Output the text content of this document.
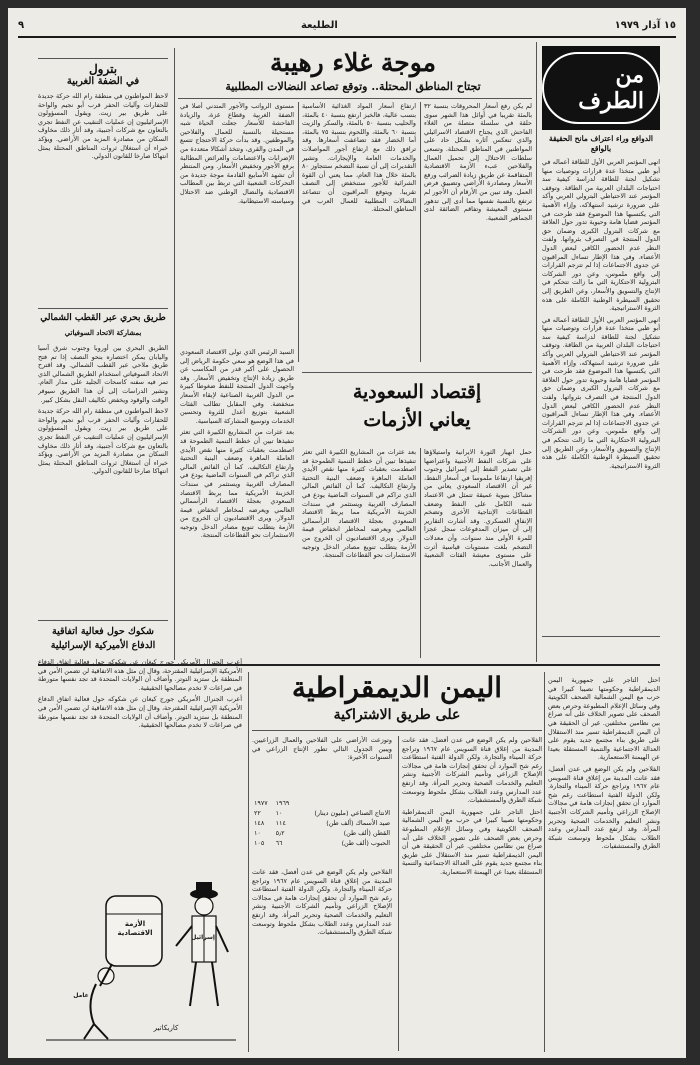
٩	الطليعة	١٥ آذار ١٩٧٩
من الطرف
الدوافع وراء اعتراف مانح الحقيقة بالواقع

انهى المؤتمر العربي الأول للطاقة أعماله في أبو ظبي متخذا عدة قرارات وتوصيات منها تشكيل لجنة للطاقة لدراسة كيفية سد احتياجات البلدان العربية من الطاقة. وتوقف المؤتمر عند الاحتياطي البترولي العربي وأكد على ضرورة ترشيد استهلاكه، وإزاء الأهمية التي يكتسبها هذا الموضوع فقد طرحت في المؤتمر قضايا هامة وحيوية تدور حول العلاقة مع شركات البترول الكبرى وضمان حق الدول المنتجة في التصرف بثرواتها. ولفت النظر عدم الحضور الكافي لبعض الدول الأعضاء. وفي هذا الإطار تساءل المراقبون عن جدوى الاجتماعات إذا لم تترجم القرارات إلى واقع ملموس، وعن دور الشركات البترولية الاحتكارية التي ما زالت تتحكم في الإنتاج والتسويق والأسعار، وعن الطريق إلى تحقيق السيطرة الوطنية الكاملة على هذه الثروة الاستراتيجية.

انهى المؤتمر العربي الأول للطاقة أعماله في أبو ظبي متخذا عدة قرارات وتوصيات منها تشكيل لجنة للطاقة لدراسة كيفية سد احتياجات البلدان العربية من الطاقة. وتوقف المؤتمر عند الاحتياطي البترولي العربي وأكد على ضرورة ترشيد استهلاكه، وإزاء الأهمية التي يكتسبها هذا الموضوع فقد طرحت في المؤتمر قضايا هامة وحيوية تدور حول العلاقة مع شركات البترول الكبرى وضمان حق الدول المنتجة في التصرف بثرواتها. ولفت النظر عدم الحضور الكافي لبعض الدول الأعضاء. وفي هذا الإطار تساءل المراقبون عن جدوى الاجتماعات إذا لم تترجم القرارات إلى واقع ملموس، وعن دور الشركات البترولية الاحتكارية التي ما زالت تتحكم في الإنتاج والتسويق والأسعار، وعن الطريق إلى تحقيق السيطرة الوطنية الكاملة على هذه الثروة الاستراتيجية.

موجة غلاء رهيبة
تجتاح المناطق المحتلة.. وتوقع تصاعد النضالات المطلبية
لم يكن رفع أسعار المحروقات بنسبة ٣٢ بالمئة تقريبا في أوائل هذا الشهر سوى حلقة في سلسلة متصلة من الغلاء الفاحش الذي يجتاح الاقتصاد الاسرائيلي والذي تنعكس آثاره بشكل حاد على المواطنين في المناطق المحتلة. وتسعى سلطات الاحتلال إلى تحميل العمال والفلاحين عبء الأزمة الاقتصادية المتفاقمة عن طريق زيادة الضرائب ورفع الأسعار ومصادرة الأراضي وتضييق فرص العمل. وقد تبين من الأرقام أن الأجور لم ترتفع بالنسبة نفسها مما أدى إلى تدهور مستوى المعيشة وتفاقم الضائقة لدى الجماهير الشعبية.
ارتفاع أسعار المواد الغذائية الأساسية بنسب عالية، فالخبز ارتفع بنسبة ٤٠ بالمئة، والحليب بنسبة ٥٠ بالمئة، والسكر والزيت بنسبة ٦٠ بالمئة، واللحوم بنسبة ٧٥ بالمئة، أما الخضار فقد تضاعفت أسعارها. وقد ترافق ذلك مع ارتفاع أجور المواصلات والخدمات العامة والإيجارات. وتشير التقديرات إلى أن نسبة التضخم ستتجاوز ٨٠ بالمئة خلال هذا العام، مما يعني أن القوة الشرائية للأجور ستنخفض إلى النصف تقريبا. ويتوقع المراقبون أن تتصاعد النضالات المطلبية للعمال العرب في المناطق المحتلة.
مستوى الرواتب والأجور المتدني أصلا في الضفة الغربية وقطاع غزة، والزيادة الفاحشة للأسعار جعلت الحياة شبه مستحيلة بالنسبة للعمال والفلاحين والموظفين. وقد بدأت حركة الاحتجاج تتسع في المدن والقرى، وتتخذ أشكالا متعددة من الإضرابات والاعتصامات والعرائض المطالبة برفع الأجور وتخفيض الأسعار. ومن المنتظر أن تشهد الأسابيع القادمة موجة جديدة من التحركات الشعبية التي تربط بين المطالب الاقتصادية والنضال الوطني ضد الاحتلال وسياسته الاستيطانية.
إقتصاد السعودية
يعاني الأزمات
حمل انهيار الثورة الايرانية واستيلاؤها على شركات النفط الأجنبية واعتراضها على تصدير النفط إلى إسرائيل وجنوب إفريقيا ارتفاعا ملموسا في أسعار النفط، غير أن الاقتصاد السعودي يعاني من مشاكل بنيوية عميقة تتمثل في الاعتماد شبه الكامل على النفط وضعف القطاعات الإنتاجية الأخرى وتضخم الإنفاق العسكري. وقد أشارت التقارير إلى أن ميزان المدفوعات سجل عجزا للمرة الأولى منذ سنوات، وأن معدلات التضخم بلغت مستويات قياسية أثرت على مستوى معيشة الفئات الشعبية والعمال الأجانب.
بعد عثرات من المشاريع الكبيرة التي تعثر تنفيذها تبين أن خطط التنمية الطموحة قد اصطدمت بعقبات كثيرة منها نقص الأيدي العاملة الماهرة وضعف البنية التحتية وارتفاع التكاليف. كما أن الفائض المالي الذي تراكم في السنوات الماضية يودع في المصارف الغربية ويستثمر في سندات الخزينة الأمريكية مما يربط الاقتصاد السعودي بعجلة الاقتصاد الرأسمالي العالمي ويعرضه لمخاطر انخفاض قيمة الدولار. ويرى الاقتصاديون أن الخروج من الأزمة يتطلب تنويع مصادر الدخل وتوجيه الاستثمارات نحو القطاعات المنتجة.

السيد الرئيس الذي تولى الاقتصاد السعودي في هذا الوضع هو سعي حكومة الرياض إلى الحصول على أكبر قدر من المكاسب عن طريق زيادة الإنتاج وتخفيض الأسعار. وقد واجهت الدول المنتجة للنفط ضغوطا كبيرة من الدول الغربية الصناعية لإبقاء الأسعار منخفضة. وفي المقابل تطالب الفئات الشعبية بتوزيع أعدل للثروة وتحسين الخدمات وتوسيع المشاركة السياسية.

بعد عثرات من المشاريع الكبيرة التي تعثر تنفيذها تبين أن خطط التنمية الطموحة قد اصطدمت بعقبات كثيرة منها نقص الأيدي العاملة الماهرة وضعف البنية التحتية وارتفاع التكاليف. كما أن الفائض المالي الذي تراكم في السنوات الماضية يودع في المصارف الغربية ويستثمر في سندات الخزينة الأمريكية مما يربط الاقتصاد السعودي بعجلة الاقتصاد الرأسمالي العالمي ويعرضه لمخاطر انخفاض قيمة الدولار. ويرى الاقتصاديون أن الخروج من الأزمة يتطلب تنويع مصادر الدخل وتوجيه الاستثمارات نحو القطاعات المنتجة.

بترول
في الضفة الغربية
لاحظ المواطنون في منطقة رام الله حركة جديدة للحفارات وآليات الحفر قرب أبو نجيم والواحة على طريق بير زيت. ويقول المسؤولون الإسرائيليون إن عمليات التنقيب عن النفط تجري بالتعاون مع شركات أجنبية، وقد أثار ذلك مخاوف السكان من مصادرة المزيد من الأراضي. ويؤكد خبراء أن استغلال ثروات المناطق المحتلة يمثل انتهاكا صارخا للقانون الدولي.
طريق بحري عبر القطب الشمالي
بمشاركة الاتحاد السوفياتي

الطريق البحري بين أوروبا وجنوب شرق آسيا واليابان يمكن اختصاره بنحو النصف إذا تم فتح طريق ملاحي عبر القطب الشمالي. وقد اقترح الاتحاد السوفياتي استخدام الطريق الشمالي الذي تمر فيه سفنه كاسحات الجليد على مدار العام. وتشير الدراسات إلى أن هذا الطريق سيوفر الوقت والوقود ويخفض تكاليف النقل بشكل كبير.

لاحظ المواطنون في منطقة رام الله حركة جديدة للحفارات وآليات الحفر قرب أبو نجيم والواحة على طريق بير زيت. ويقول المسؤولون الإسرائيليون إن عمليات التنقيب عن النفط تجري بالتعاون مع شركات أجنبية، وقد أثار ذلك مخاوف السكان من مصادرة المزيد من الأراضي. ويؤكد خبراء أن استغلال ثروات المناطق المحتلة يمثل انتهاكا صارخا للقانون الدولي.

شكوك حول فعالية اتفاقية
الدفاع الأميركية الإسرائيلية
اليمن الديمقراطية
على طريق الاشتراكية

احتل التاجر على جمهورية اليمن الديمقراطية وحكومتها نصيبا كبيرا في حرب مع اليمن الشمالية الصحف الكويتية وفي وسائل الإعلام المطبوعة وحرص بعض الصحف على تصوير الخلاف على أنه صراع بين نظامين مختلفين. غير أن الحقيقة هي أن اليمن الديمقراطية تسير منذ الاستقلال على طريق بناء مجتمع جديد يقوم على العدالة الاجتماعية والتنمية المستقلة بعيدا عن الهيمنة الاستعمارية.

الفلاحين ولم يكن الوضع في عدن أفضل، فقد عانت المدينة من إغلاق قناة السويس عام ١٩٦٧ وتراجع حركة الميناء والتجارة. ولكن الدولة الفتية استطاعت رغم شح الموارد أن تحقق إنجازات هامة في مجالات الإصلاح الزراعي وتأميم الشركات الأجنبية ونشر التعليم والخدمات الصحية وتحرير المرأة. وقد ارتفع عدد المدارس وعدد الطلاب بشكل ملحوظ وتوسعت شبكة الطرق والمستشفيات.

الفلاحين ولم يكن الوضع في عدن أفضل، فقد عانت المدينة من إغلاق قناة السويس عام ١٩٦٧ وتراجع حركة الميناء والتجارة. ولكن الدولة الفتية استطاعت رغم شح الموارد أن تحقق إنجازات هامة في مجالات الإصلاح الزراعي وتأميم الشركات الأجنبية ونشر التعليم والخدمات الصحية وتحرير المرأة. وقد ارتفع عدد المدارس وعدد الطلاب بشكل ملحوظ وتوسعت شبكة الطرق والمستشفيات.

احتل التاجر على جمهورية اليمن الديمقراطية وحكومتها نصيبا كبيرا في حرب مع اليمن الشمالية الصحف الكويتية وفي وسائل الإعلام المطبوعة وحرص بعض الصحف على تصوير الخلاف على أنه صراع بين نظامين مختلفين. غير أن الحقيقة هي أن اليمن الديمقراطية تسير منذ الاستقلال على طريق بناء مجتمع جديد يقوم على العدالة الاجتماعية والتنمية المستقلة بعيدا عن الهيمنة الاستعمارية.

وتوزعت الأراضي على الفلاحين والعمال الزراعيين. ويبين الجدول التالي تطور الإنتاج الزراعي في السنوات الأخيرة:
	١٩٦٩	١٩٧٧
الانتاج الصناعي (مليون دينار)	١٠	٢٢
صيد الأسماك (ألف طن)	١١٤	١٤٨
القطن (ألف طن)	٥٫٢	١٠
الحبوب (ألف طن)	٦٦	١٠٥
الفلاحين ولم يكن الوضع في عدن أفضل، فقد عانت المدينة من إغلاق قناة السويس عام ١٩٦٧ وتراجع حركة الميناء والتجارة. ولكن الدولة الفتية استطاعت رغم شح الموارد أن تحقق إنجازات هامة في مجالات الإصلاح الزراعي وتأميم الشركات الأجنبية ونشر التعليم والخدمات الصحية وتحرير المرأة. وقد ارتفع عدد المدارس وعدد الطلاب بشكل ملحوظ وتوسعت شبكة الطرق والمستشفيات.

أعرب الجنرال الأمريكي جورج كيغان عن شكوكه حول فعالية اتفاق الدفاع الأمريكية الإسرائيلية المقترحة، وقال إن مثل هذه الاتفاقية لن تضمن الأمن في المنطقة بل ستزيد التوتر. وأضاف أن الولايات المتحدة قد تجد نفسها متورطة في صراعات لا تخدم مصالحها الحقيقية.

أعرب الجنرال الأمريكي جورج كيغان عن شكوكه حول فعالية اتفاق الدفاع الأمريكية الإسرائيلية المقترحة، وقال إن مثل هذه الاتفاقية لن تضمن الأمن في المنطقة بل ستزيد التوتر. وأضاف أن الولايات المتحدة قد تجد نفسها متورطة في صراعات لا تخدم مصالحها الحقيقية.

الأزمة الاقتصادية
إسرائيل
عامل
كاريكاتير
